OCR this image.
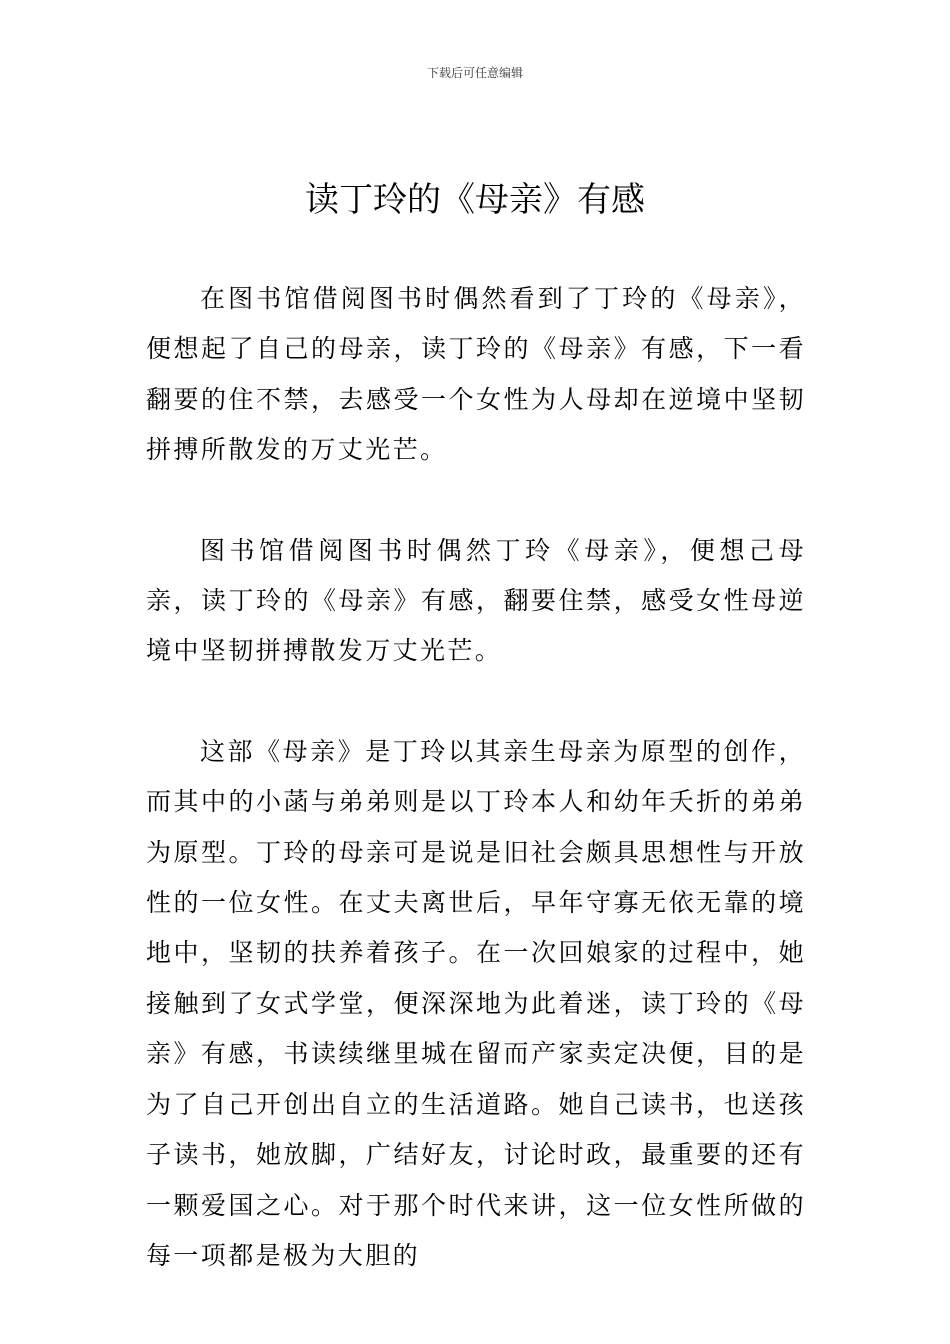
下载后可任意编辑
读丁玲的《母亲》有感

在图书馆借阅图书时偶然看到了丁玲的《母亲》，便想起了自己的母亲，读丁玲的《母亲》有感，下一看翻要的住不禁，去感受一个女性为人母却在逆境中坚韧拼搏所散发的万丈光芒。

图书馆借阅图书时偶然丁玲《母亲》，便想己母亲，读丁玲的《母亲》有感，翻要住禁，感受女性母逆境中坚韧拼搏散发万丈光芒。

这部《母亲》是丁玲以其亲生母亲为原型的创作，而其中的小菡与弟弟则是以丁玲本人和幼年夭折的弟弟为原型。丁玲的母亲可是说是旧社会颇具思想性与开放性的一位女性。在丈夫离世后，早年守寡无依无靠的境地中，坚韧的扶养着孩子。在一次回娘家的过程中，她接触到了女式学堂，便深深地为此着迷，读丁玲的《母亲》有感，书读续继里城在留而产家卖定决便，目的是为了自己开创出自立的生活道路。她自己读书，也送孩子读书，她放脚，广结好友，讨论时政，最重要的还有一颗爱国之心。对于那个时代来讲，这一位女性所做的每一项都是极为大胆的
